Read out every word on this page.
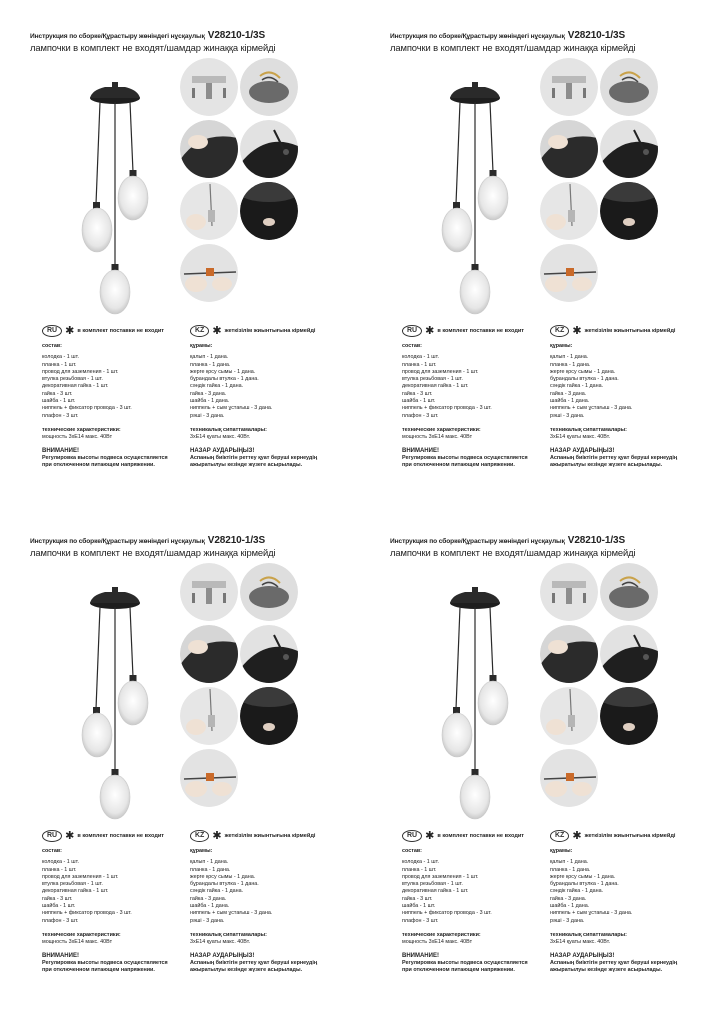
Инструкция по сборке/Құрастыру жөніндегі нұсқаулық V28210-1/3S
лампочки в комплект не входят/шамдар жинаққа кірмейді
RU ✱ в комплект поставки не входит	KZ ✱ жеткізілім жиынтығына кірмейді
состав:
колодка - 1 шт.
планка - 1 шт.
провод для заземления - 1 шт.
втулка резьбовая - 1 шт.
декоративная гайка - 1 шт.
гайка - 3 шт.
шайба - 1 шт.
ниппель + фиксатор провода - 3 шт.
плафон - 3 шт.
технические характеристики:
мощность 3хE14 макс. 40Вт
ВНИМАНИЕ!
Регулировка высоты подвеса осуществляется
при отключенном питающем напряжении.
құрамы:
қалып - 1 дана.
планка - 1 дана.
жерге қосу сымы - 1 дана.
бұрандалы втулка - 1 дана.
сәндік гайка - 1 дана.
гайка - 3 дана.
шайба - 1 дана.
ниппель + сым ұстағыш - 3 дана.
рәші - 3 дана.
техникалық сипаттамалары:
3хE14 қуаты макс. 40Вт.
НАЗАР АУДАРЫҢЫЗ!
Аспаның биіктігін реттеу қуат беруші кернеудің
ажыратылуы кезінде жүзеге асырылады.
Инструкция по сборке/Құрастыру жөніндегі нұсқаулық V28210-1/3S
лампочки в комплект не входят/шамдар жинаққа кірмейді
RU ✱ в комплект поставки не входит	KZ ✱ жеткізілім жиынтығына кірмейді
состав:
колодка - 1 шт.
планка - 1 шт.
провод для заземления - 1 шт.
втулка резьбовая - 1 шт.
декоративная гайка - 1 шт.
гайка - 3 шт.
шайба - 1 шт.
ниппель + фиксатор провода - 3 шт.
плафон - 3 шт.
технические характеристики:
мощность 3хE14 макс. 40Вт
ВНИМАНИЕ!
Регулировка высоты подвеса осуществляется
при отключенном питающем напряжении.
құрамы:
қалып - 1 дана.
планка - 1 дана.
жерге қосу сымы - 1 дана.
бұрандалы втулка - 1 дана.
сәндік гайка - 1 дана.
гайка - 3 дана.
шайба - 1 дана.
ниппель + сым ұстағыш - 3 дана.
рәші - 3 дана.
техникалық сипаттамалары:
3хE14 қуаты макс. 40Вт.
НАЗАР АУДАРЫҢЫЗ!
Аспаның биіктігін реттеу қуат беруші кернеудің
ажыратылуы кезінде жүзеге асырылады.
Инструкция по сборке/Құрастыру жөніндегі нұсқаулық V28210-1/3S
лампочки в комплект не входят/шамдар жинаққа кірмейді
RU ✱ в комплект поставки не входит	KZ ✱ жеткізілім жиынтығына кірмейді
состав:
колодка - 1 шт.
планка - 1 шт.
провод для заземления - 1 шт.
втулка резьбовая - 1 шт.
декоративная гайка - 1 шт.
гайка - 3 шт.
шайба - 1 шт.
ниппель + фиксатор провода - 3 шт.
плафон - 3 шт.
технические характеристики:
мощность 3хE14 макс. 40Вт
ВНИМАНИЕ!
Регулировка высоты подвеса осуществляется
при отключенном питающем напряжении.
құрамы:
қалып - 1 дана.
планка - 1 дана.
жерге қосу сымы - 1 дана.
бұрандалы втулка - 1 дана.
сәндік гайка - 1 дана.
гайка - 3 дана.
шайба - 1 дана.
ниппель + сым ұстағыш - 3 дана.
рәші - 3 дана.
техникалық сипаттамалары:
3хE14 қуаты макс. 40Вт.
НАЗАР АУДАРЫҢЫЗ!
Аспаның биіктігін реттеу қуат беруші кернеудің
ажыратылуы кезінде жүзеге асырылады.
Инструкция по сборке/Құрастыру жөніндегі нұсқаулық V28210-1/3S
лампочки в комплект не входят/шамдар жинаққа кірмейді
RU ✱ в комплект поставки не входит	KZ ✱ жеткізілім жиынтығына кірмейді
состав:
колодка - 1 шт.
планка - 1 шт.
провод для заземления - 1 шт.
втулка резьбовая - 1 шт.
декоративная гайка - 1 шт.
гайка - 3 шт.
шайба - 1 шт.
ниппель + фиксатор провода - 3 шт.
плафон - 3 шт.
технические характеристики:
мощность 3хE14 макс. 40Вт
ВНИМАНИЕ!
Регулировка высоты подвеса осуществляется
при отключенном питающем напряжении.
құрамы:
қалып - 1 дана.
планка - 1 дана.
жерге қосу сымы - 1 дана.
бұрандалы втулка - 1 дана.
сәндік гайка - 1 дана.
гайка - 3 дана.
шайба - 1 дана.
ниппель + сым ұстағыш - 3 дана.
рәші - 3 дана.
техникалық сипаттамалары:
3хE14 қуаты макс. 40Вт.
НАЗАР АУДАРЫҢЫЗ!
Аспаның биіктігін реттеу қуат беруші кернеудің
ажыратылуы кезінде жүзеге асырылады.
